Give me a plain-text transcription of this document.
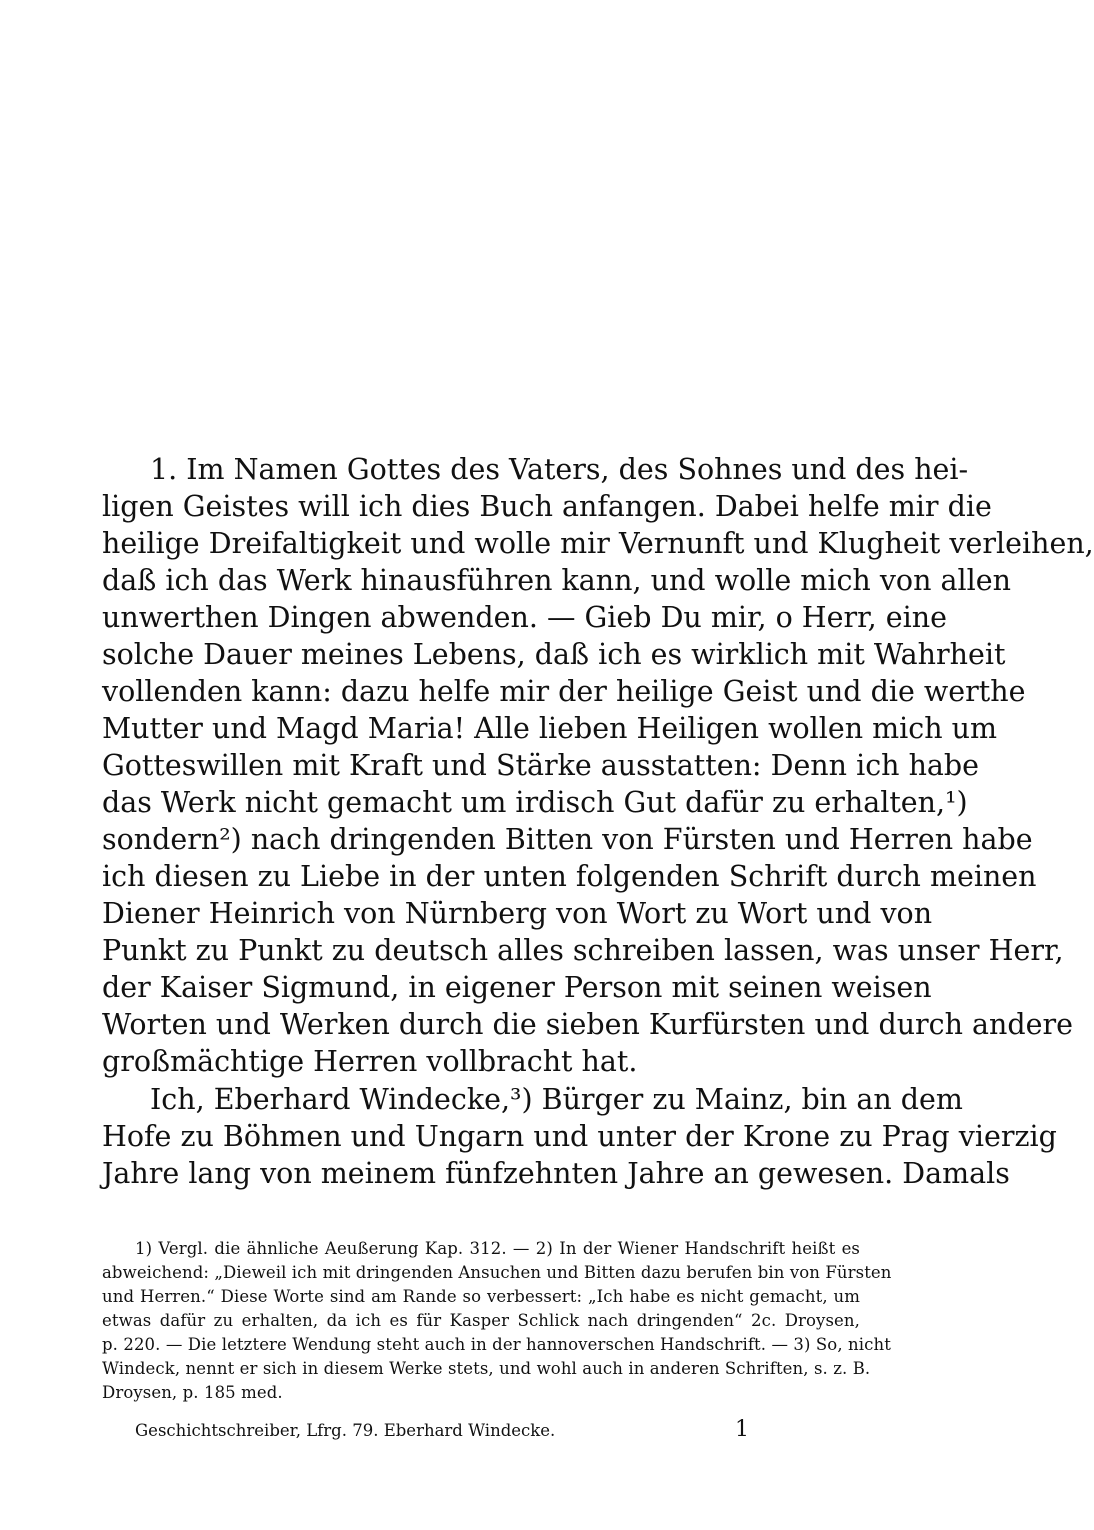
1. Im Namen Gottes des Vaters, des Sohnes und des hei-
ligen Geistes will ich dies Buch anfangen. Dabei helfe mir die
heilige Dreifaltigkeit und wolle mir Vernunft und Klugheit verleihen,
daß ich das Werk hinausführen kann, und wolle mich von allen
unwerthen Dingen abwenden. — Gieb Du mir, o Herr, eine
solche Dauer meines Lebens, daß ich es wirklich mit Wahrheit
vollenden kann: dazu helfe mir der heilige Geist und die werthe
Mutter und Magd Maria! Alle lieben Heiligen wollen mich um
Gotteswillen mit Kraft und Stärke ausstatten: Denn ich habe
das Werk nicht gemacht um irdisch Gut dafür zu erhalten,¹)
sondern²) nach dringenden Bitten von Fürsten und Herren habe
ich diesen zu Liebe in der unten folgenden Schrift durch meinen
Diener Heinrich von Nürnberg von Wort zu Wort und von
Punkt zu Punkt zu deutsch alles schreiben lassen, was unser Herr,
der Kaiser Sigmund, in eigener Person mit seinen weisen
Worten und Werken durch die sieben Kurfürsten und durch andere
großmächtige Herren vollbracht hat.
Ich, Eberhard Windecke,³) Bürger zu Mainz, bin an dem
Hofe zu Böhmen und Ungarn und unter der Krone zu Prag vierzig
Jahre lang von meinem fünfzehnten Jahre an gewesen. Damals
1) Vergl. die ähnliche Aeußerung Kap. 312. — 2) In der Wiener Handschrift heißt es
abweichend: „Dieweil ich mit dringenden Ansuchen und Bitten dazu berufen bin von Fürsten
und Herren.“ Diese Worte sind am Rande so verbessert: „Ich habe es nicht gemacht, um
etwas dafür zu erhalten, da ich es für Kasper Schlick nach dringenden“ 2c. Droysen,
p. 220. — Die letztere Wendung steht auch in der hannoverschen Handschrift. — 3) So, nicht
Windeck, nennt er sich in diesem Werke stets, und wohl auch in anderen Schriften, s. z. B.
Droysen, p. 185 med.
Geschichtschreiber, Lfrg. 79. Eberhard Windecke.	1
